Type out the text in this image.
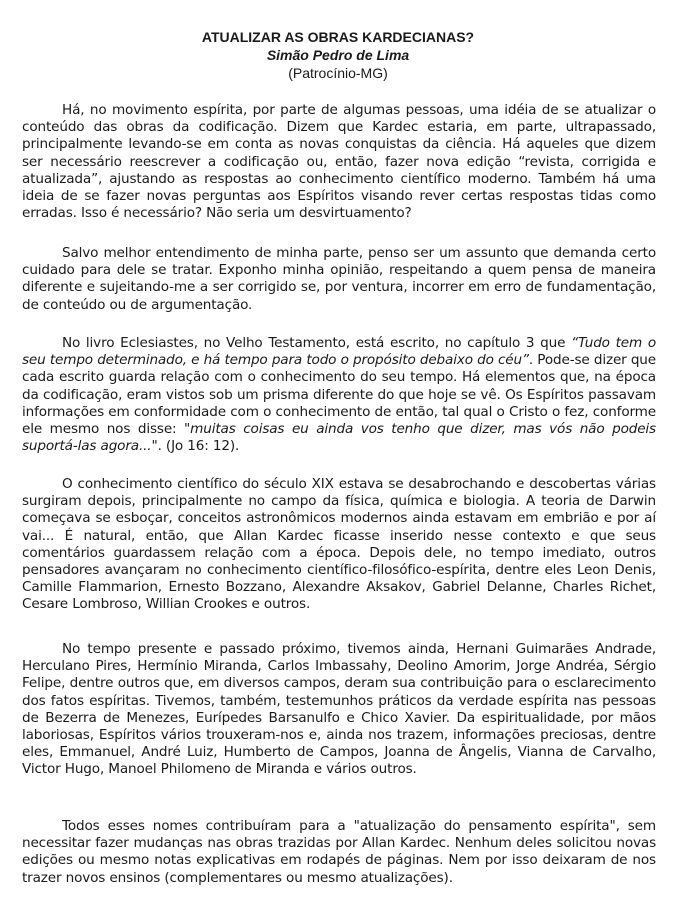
ATUALIZAR AS OBRAS KARDECIANAS?
Simão Pedro de Lima
(Patrocínio-MG)

Há, no movimento espírita, por parte de algumas pessoas, uma idéia de se atualizar o conteúdo das obras da codificação. Dizem que Kardec estaria, em parte, ultrapassado, principalmente levando-se em conta as novas conquistas da ciência. Há aqueles que dizem ser necessário reescrever a codificação ou, então, fazer nova edição “revista, corrigida e atualizada”, ajustando as respostas ao conhecimento científico moderno. Também há uma ideia de se fazer novas perguntas aos Espíritos visando rever certas respostas tidas como erradas. Isso é necessário? Não seria um desvirtuamento?

Salvo melhor entendimento de minha parte, penso ser um assunto que demanda certo cuidado para dele se tratar. Exponho minha opinião, respeitando a quem pensa de maneira diferente e sujeitando-me a ser corrigido se, por ventura, incorrer em erro de fundamentação, de conteúdo ou de argumentação.

No livro Eclesiastes, no Velho Testamento, está escrito, no capítulo 3 que “Tudo tem o seu tempo determinado, e há tempo para todo o propósito debaixo do céu”. Pode-se dizer que cada escrito guarda relação com o conhecimento do seu tempo. Há elementos que, na época da codificação, eram vistos sob um prisma diferente do que hoje se vê. Os Espíritos passavam informações em conformidade com o conhecimento de então, tal qual o Cristo o fez, conforme ele mesmo nos disse: "muitas coisas eu ainda vos tenho que dizer, mas vós não podeis suportá-las agora...". (Jo 16: 12).

O conhecimento científico do século XIX estava se desabrochando e descobertas várias surgiram depois, principalmente no campo da física, química e biologia. A teoria de Darwin começava se esboçar, conceitos astronômicos modernos ainda estavam em embrião e por aí vai... É natural, então, que Allan Kardec ficasse inserido nesse contexto e que seus comentários guardassem relação com a época. Depois dele, no tempo imediato, outros pensadores avançaram no conhecimento científico-filosófico-espírita, dentre eles Leon Denis, Camille Flammarion, Ernesto Bozzano, Alexandre Aksakov, Gabriel Delanne, Charles Richet, Cesare Lombroso, Willian Crookes e outros.

No tempo presente e passado próximo, tivemos ainda, Hernani Guimarães Andrade, Herculano Pires, Hermínio Miranda, Carlos Imbassahy, Deolino Amorim, Jorge Andréa, Sérgio Felipe, dentre outros que, em diversos campos, deram sua contribuição para o esclarecimento dos fatos espíritas. Tivemos, também, testemunhos práticos da verdade espírita nas pessoas de Bezerra de Menezes, Eurípedes Barsanulfo e Chico Xavier. Da espiritualidade, por mãos laboriosas, Espíritos vários trouxeram-nos e, ainda nos trazem, informações preciosas, dentre eles, Emmanuel, André Luiz, Humberto de Campos, Joanna de Ângelis, Vianna de Carvalho, Victor Hugo, Manoel Philomeno de Miranda e vários outros.

Todos esses nomes contribuíram para a "atualização do pensamento espírita", sem necessitar fazer mudanças nas obras trazidas por Allan Kardec. Nenhum deles solicitou novas edições ou mesmo notas explicativas em rodapés de páginas. Nem por isso deixaram de nos trazer novos ensinos (complementares ou mesmo atualizações).
